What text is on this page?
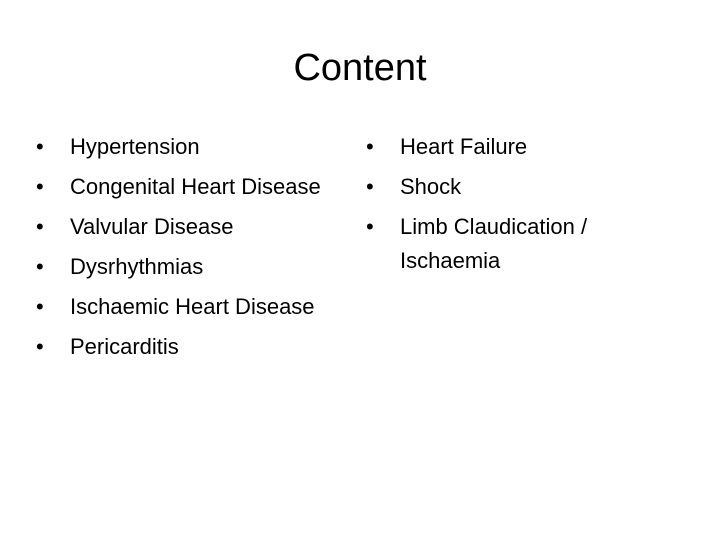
Content
•	Hypertension
•	Congenital Heart Disease
•	Valvular Disease
•	Dysrhythmias
•	Ischaemic Heart Disease
•	Pericarditis
•	Heart Failure
•	Shock
•	Limb Claudication / Ischaemia
